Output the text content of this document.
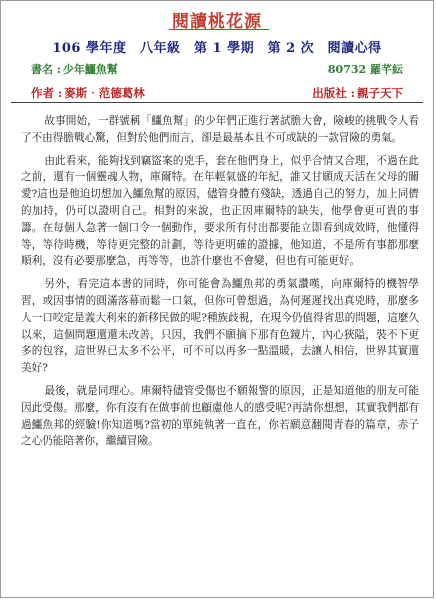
閱讀桃花源
106 學年度　八年級　第 1 學期　第 2 次　閱讀心得
書名 : 少年鱷魚幫	80732 羅芊紜
作者 : 麥斯‧范德葛林	出版社 : 親子天下

故事開始，一群號稱「鱷魚幫」的少年們正進行著試膽大會，險峻的挑戰令人看了不由得膽戰心驚，但對於他們而言，卻是最基本且不可或缺的一款冒險的勇氣。

由此看來，能夠找到竊盜案的兇手，套在他們身上，似乎合情又合理，不過在此之前，還有一個靈魂人物，庫爾特。在年輕氣盛的年紀，誰又甘願成天活在父母的關愛?這也是他迫切想加入鱷魚幫的原因，儘管身體有殘缺，透過自己的努力，加上同儕的加持，仍可以證明自己。相對的來說，也正因庫爾特的缺失，他學會更可貴的事籌。在每個人急著一個口令一個動作，要求所有付出都要能立即看到成效時，他懂得等，等待時機，等待更完整的計劃，等待更明確的證據，他知道，不是所有事都那麼順利，沒有必要那麼急，再等等，也許什麼也不會變，但也有可能更好。

另外，看完這本書的同時，你可能會為鱷魚邦的勇氣讚嘆，向庫爾特的機智學習，或因事情的圓滿落幕而鬆一口氣，但你可曾想過，為何遲遲找出真兇時，那麼多人一口咬定是義大利來的新移民做的呢?種族歧視，在現今仍值得省思的問題，這麼久以來，這個問題還還未改善，只因，我們不願摘下那有色鏡片，內心狹隘，裝不下更多的包容，這世界已太多不公平，可不可以再多一點溫暖，去讓人相信，世界其實還美好?

最後，就是同理心。庫爾特儘管受傷也不願報警的原因，正是知道他的朋友可能因此受傷。那麼，你有沒有在做事前也顧慮他人的感受呢?再請你想想，其實我們都有過鱷魚邦的經驗!你知道嗎?當初的單純執著一直在，你若願意翻閱青春的篇章，赤子之心仍能陪著你，繼續冒險。
